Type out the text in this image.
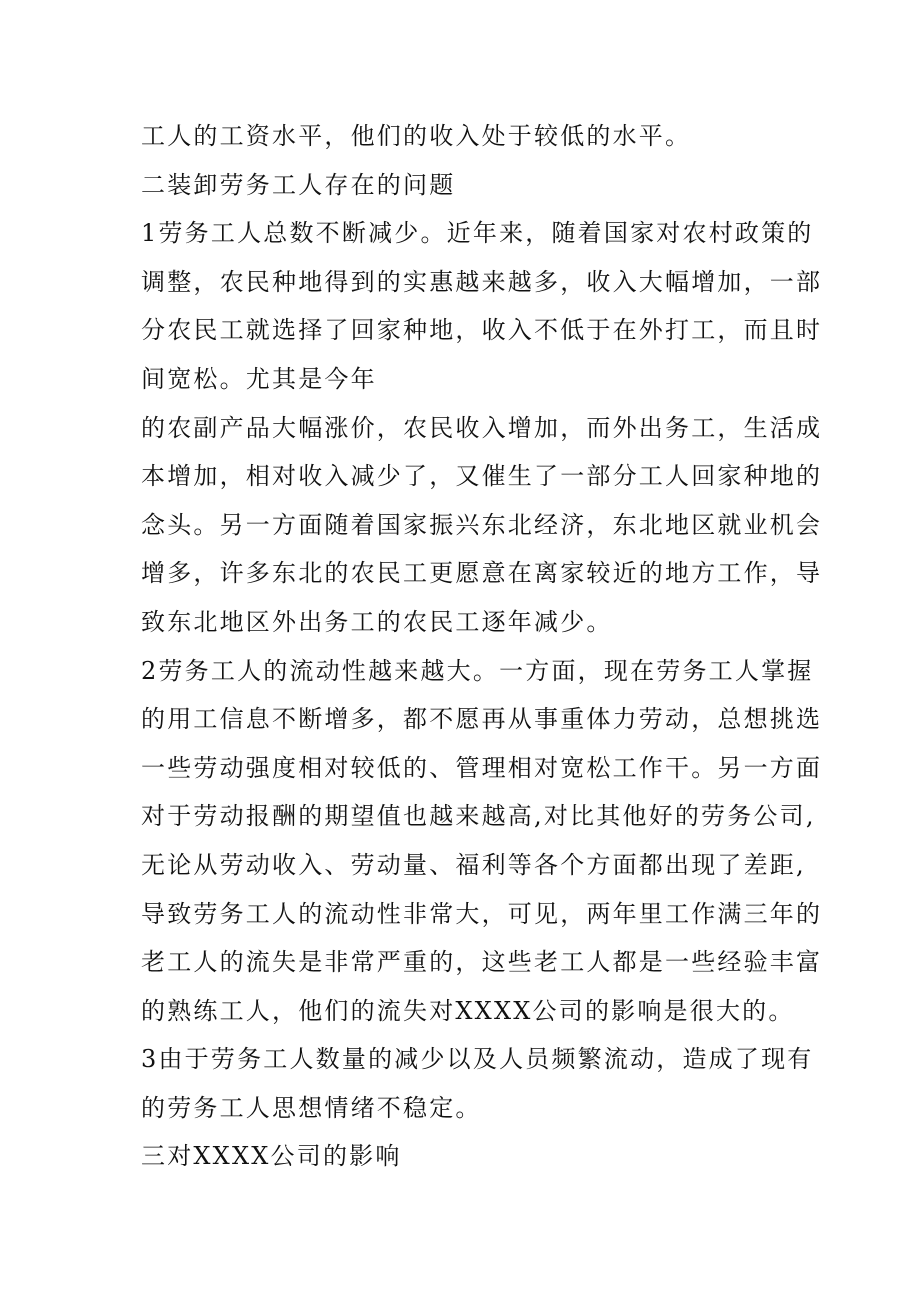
工人的工资水平，他们的收入处于较低的水平。
二装卸劳务工人存在的问题
1劳务工人总数不断减少。近年来，随着国家对农村政策的
调整，农民种地得到的实惠越来越多，收入大幅增加，一部
分农民工就选择了回家种地，收入不低于在外打工，而且时
间宽松。尤其是今年
的农副产品大幅涨价，农民收入增加，而外出务工，生活成
本增加，相对收入减少了，又催生了一部分工人回家种地的
念头。另一方面随着国家振兴东北经济，东北地区就业机会
增多，许多东北的农民工更愿意在离家较近的地方工作，导
致东北地区外出务工的农民工逐年减少。
2劳务工人的流动性越来越大。一方面，现在劳务工人掌握
的用工信息不断增多，都不愿再从事重体力劳动，总想挑选
一些劳动强度相对较低的、管理相对宽松工作干。另一方面
对于劳动报酬的期望值也越来越高,对比其他好的劳务公司,
无论从劳动收入、劳动量、福利等各个方面都出现了差距,
导致劳务工人的流动性非常大，可见，两年里工作满三年的
老工人的流失是非常严重的，这些老工人都是一些经验丰富
的熟练工人，他们的流失对XXXX公司的影响是很大的。
3由于劳务工人数量的减少以及人员频繁流动，造成了现有
的劳务工人思想情绪不稳定。
三对XXXX公司的影响
